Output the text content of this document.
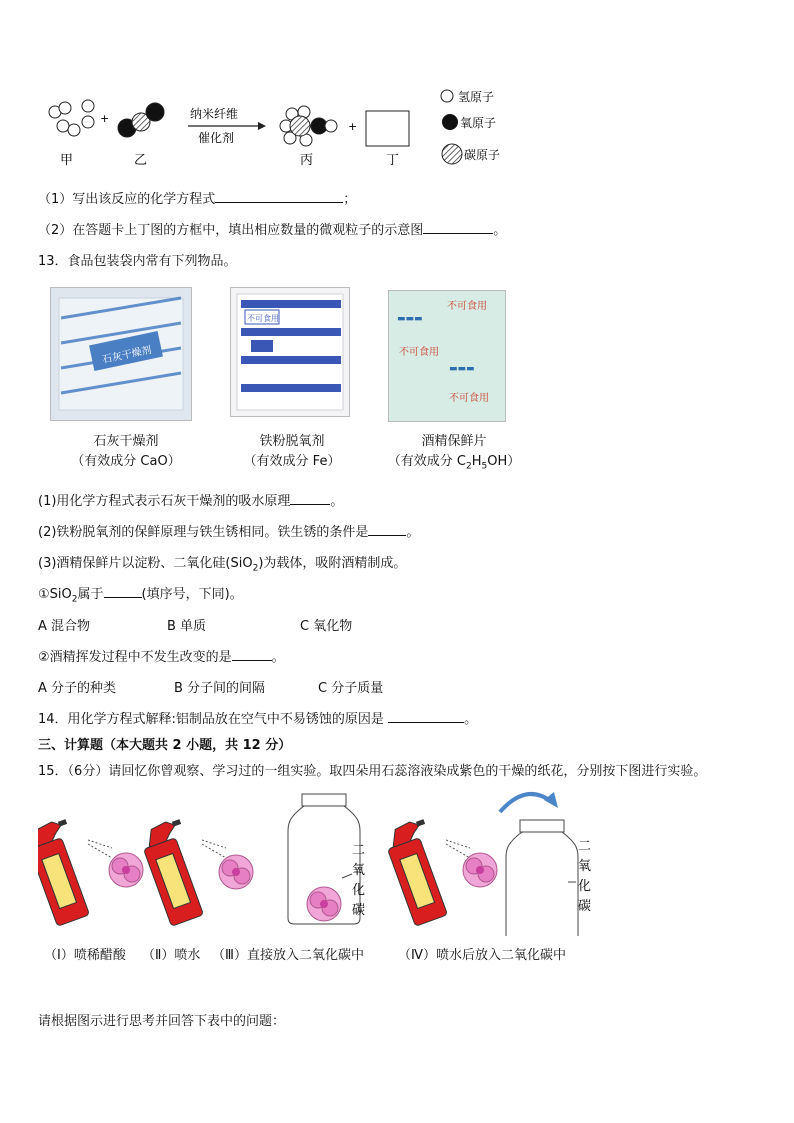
+	纳米纤维
催化剂
+
甲	乙	丙	丁
氢原子
氧原子
碳原子
（1）写出该反应的化学方程式	；
（2）在答题卡上丁图的方框中，填出相应数量的微观粒子的示意图	。
13．食品包装袋内常有下列物品。
石灰干燥剂
不可食用
不可食用
不可食用
不可食用
▬▬▬
▬▬▬
石灰干燥剂
（有效成分 CaO）
铁粉脱氧剂
（有效成分 Fe）
酒精保鲜片
（有效成分 $C_2H_5OH$）
(1)用化学方程式表示石灰干燥剂的吸水原理	。
(2)铁粉脱氧剂的保鲜原理与铁生锈相同。铁生锈的条件是	。
(3)酒精保鲜片以淀粉、二氧化硅(SiO$_2$)为载体，吸附酒精制成。
①SiO$_2$属于	(填序号，下同)。
A 混合物	B 单质	C 氧化物
②酒精挥发过程中不发生改变的是	。
A 分子的种类	B 分子间的间隔	C 分子质量
14．用化学方程式解释:铝制品放在空气中不易锈蚀的原因是	。
三、计算题（本大题共 2 小题，共 12 分）
15．（6分）请回忆你曾观察、学习过的一组实验。取四朵用石蕊溶液染成紫色的干燥的纸花，分别按下图进行实验。
二
氧
化
碳
二
氧
化
碳
（Ⅰ）喷稀醋酸 （Ⅱ）喷水 （Ⅲ）直接放入二氧化碳中	（Ⅳ）喷水后放入二氧化碳中
请根据图示进行思考并回答下表中的问题：
